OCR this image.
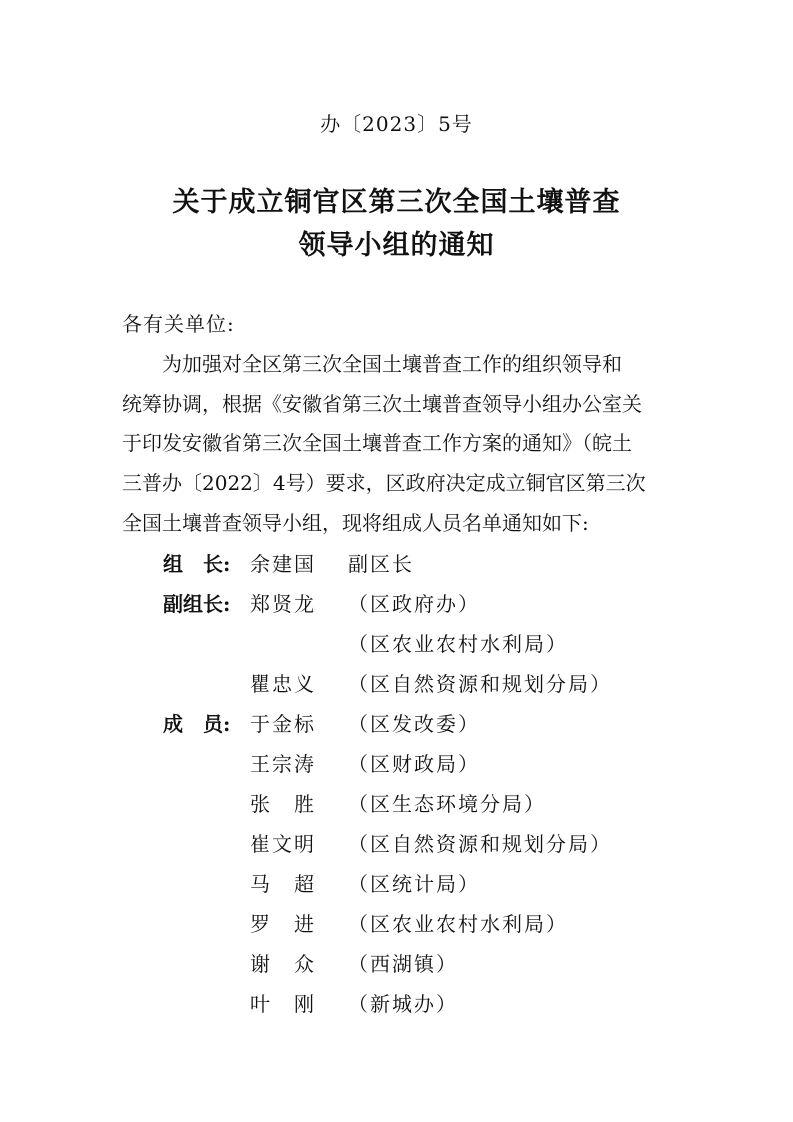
办〔2023〕5号
关于成立铜官区第三次全国土壤普查
领导小组的通知
各有关单位:
　　为加强对全区第三次全国土壤普查工作的组织领导和
统筹协调，根据《安徽省第三次土壤普查领导小组办公室关
于印发安徽省第三次全国土壤普查工作方案的通知》（皖土
三普办〔2022〕4号）要求，区政府决定成立铜官区第三次
全国土壤普查领导小组，现将组成人员名单通知如下:
组　长: 余建国 副区长
副组长: 郑贤龙 （区政府办）
（区农业农村水利局）
瞿忠义 （区自然资源和规划分局）
成　员: 于金标 （区发改委）
王宗涛 （区财政局）
张　胜 （区生态环境分局）
崔文明 （区自然资源和规划分局）
马　超 （区统计局）
罗　进 （区农业农村水利局）
谢　众 （西湖镇）
叶　刚 （新城办）
